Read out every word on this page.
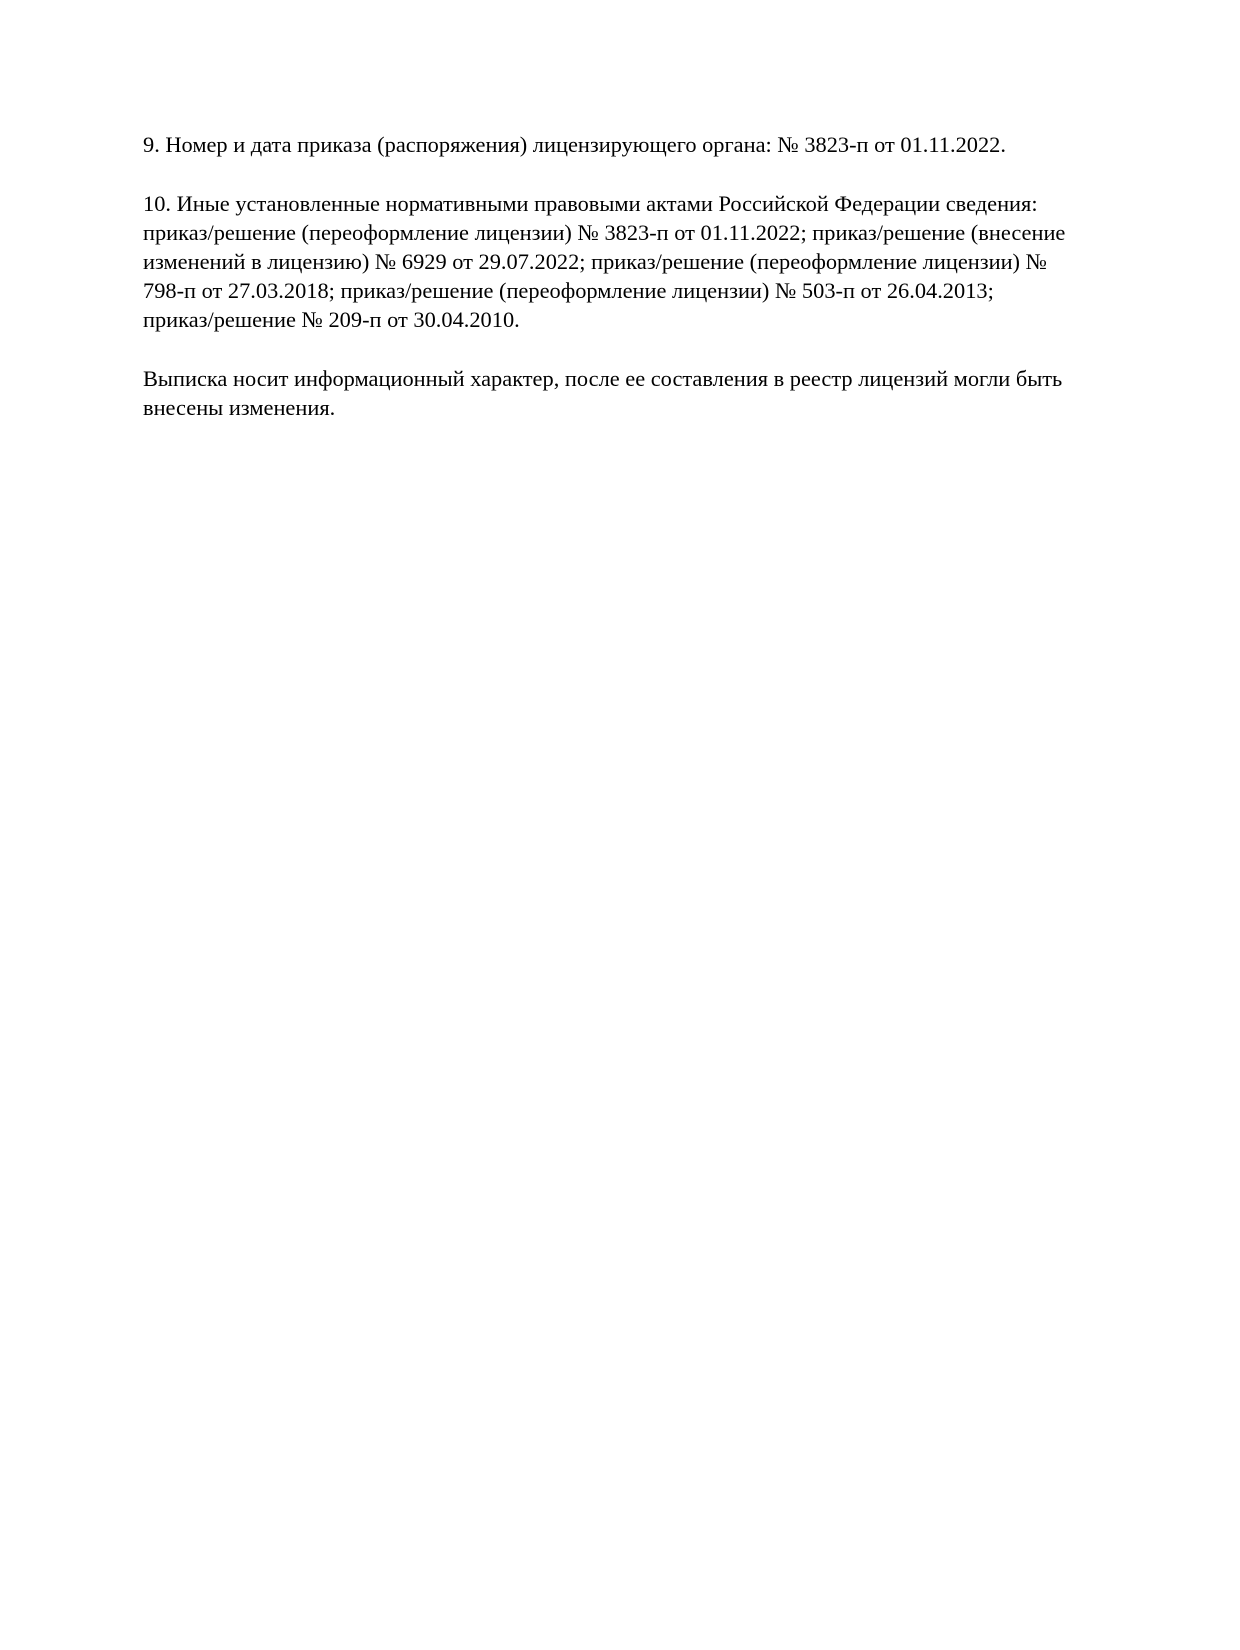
9. Номер и дата приказа (распоряжения) лицензирующего органа: № 3823-п от 01.11.2022.

10. Иные установленные нормативными правовыми актами Российской Федерации сведения:
приказ/решение (переоформление лицензии) № 3823-п от 01.11.2022; приказ/решение (внесение
изменений в лицензию) № 6929 от 29.07.2022; приказ/решение (переоформление лицензии) №
798-п от 27.03.2018; приказ/решение (переоформление лицензии) № 503-п от 26.04.2013;
приказ/решение № 209-п от 30.04.2010.

Выписка носит информационный характер, после ее составления в реестр лицензий могли быть
внесены изменения.
